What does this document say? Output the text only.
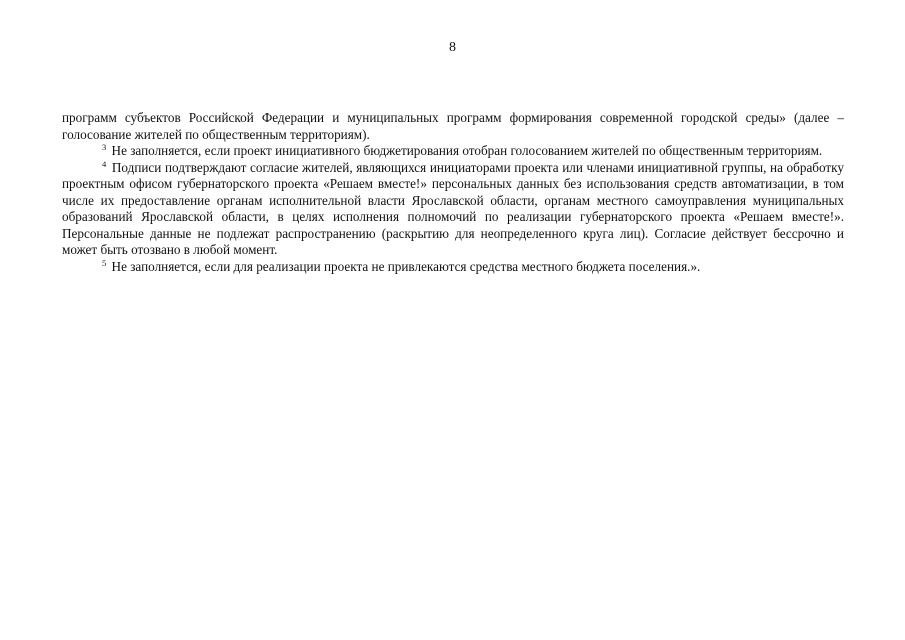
8

программ субъектов Российской Федерации и муниципальных программ формирования современной городской среды» (далее – голосование жителей по общественным территориям).

$^3$ Не заполняется, если проект инициативного бюджетирования отобран голосованием жителей по общественным территориям.

$^4$ Подписи подтверждают согласие жителей, являющихся инициаторами проекта или членами инициативной группы, на обработку проектным офисом губернаторского проекта «Решаем вместе!» персональных данных без использования средств автоматизации, в том числе их предоставление органам исполнительной власти Ярославской области, органам местного самоуправления муниципальных образований Ярославской области, в целях исполнения полномочий по реализации губернаторского проекта «Решаем вместе!». Персональные данные не подлежат распространению (раскрытию для неопределенного круга лиц). Согласие действует бессрочно и может быть отозвано в любой момент.

$^5$ Не заполняется, если для реализации проекта не привлекаются средства местного бюджета поселения.».
